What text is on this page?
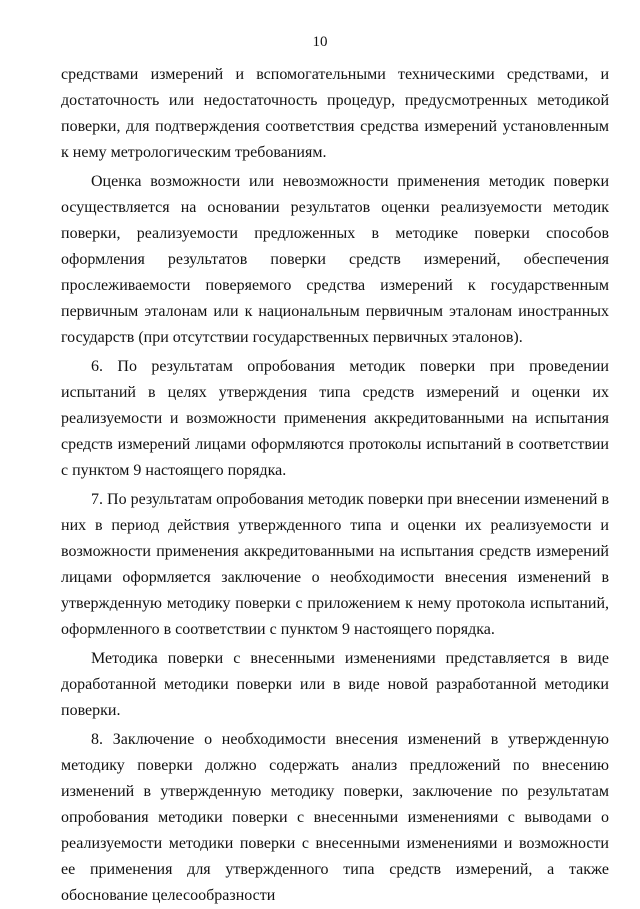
10

средствами измерений и вспомогательными техническими средствами, и достаточность или недостаточность процедур, предусмотренных методикой поверки, для подтверждения соответствия средства измерений установленным к нему метрологическим требованиям.

Оценка возможности или невозможности применения методик поверки осуществляется на основании результатов оценки реализуемости методик поверки, реализуемости предложенных в методике поверки способов оформления результатов поверки средств измерений, обеспечения прослеживаемости поверяемого средства измерений к государственным первичным эталонам или к национальным первичным эталонам иностранных государств (при отсутствии государственных первичных эталонов).

6. По результатам опробования методик поверки при проведении испытаний в целях утверждения типа средств измерений и оценки их реализуемости и возможности применения аккредитованными на испытания средств измерений лицами оформляются протоколы испытаний в соответствии с пунктом 9 настоящего порядка.

7. По результатам опробования методик поверки при внесении изменений в них в период действия утвержденного типа и оценки их реализуемости и возможности применения аккредитованными на испытания средств измерений лицами оформляется заключение о необходимости внесения изменений в утвержденную методику поверки с приложением к нему протокола испытаний, оформленного в соответствии с пунктом 9 настоящего порядка.

Методика поверки с внесенными изменениями представляется в виде доработанной методики поверки или в виде новой разработанной методики поверки.

8. Заключение о необходимости внесения изменений в утвержденную методику поверки должно содержать анализ предложений по внесению изменений в утвержденную методику поверки, заключение по результатам опробования методики поверки с внесенными изменениями с выводами о реализуемости методики поверки с внесенными изменениями и возможности ее применения для утвержденного типа средств измерений, а также обоснование целесообразности
